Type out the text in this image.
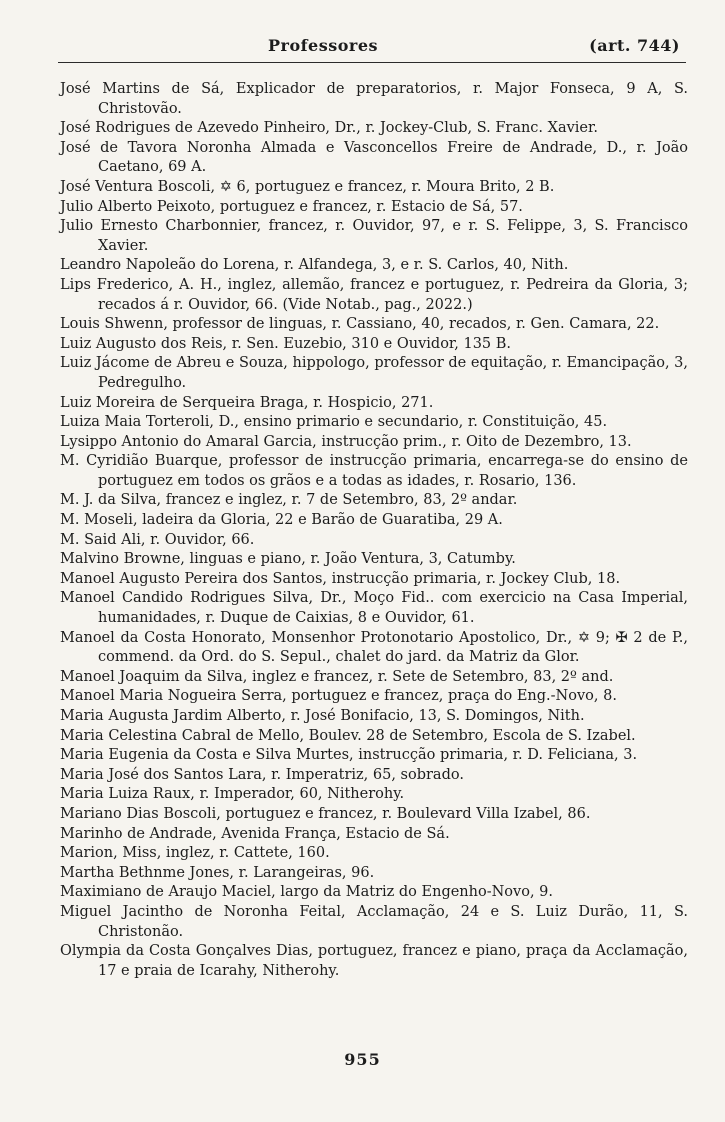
Professores	(art. 744)

José Martins de Sá, Explicador de preparatorios, r. Major Fonseca, 9 A, S. Christovão.

José Rodrigues de Azevedo Pinheiro, Dr., r. Jockey-Club, S. Franc. Xavier.

José de Tavora Noronha Almada e Vasconcellos Freire de Andrade, D., r. João Caetano, 69 A.

José Ventura Boscoli, ✡ 6, portuguez e francez, r. Moura Brito, 2 B.

Julio Alberto Peixoto, portuguez e francez, r. Estacio de Sá, 57.

Julio Ernesto Charbonnier, francez, r. Ouvidor, 97, e r. S. Felippe, 3, S. Francisco Xavier.

Leandro Napoleão do Lorena, r. Alfandega, 3, e r. S. Carlos, 40, Nith.

Lips Frederico, A. H., inglez, allemão, francez e portuguez, r. Pedreira da Gloria, 3; recados á r. Ouvidor, 66. (Vide Notab., pag., 2022.)

Louis Shwenn, professor de linguas, r. Cassiano, 40, recados, r. Gen. Camara, 22.

Luiz Augusto dos Reis, r. Sen. Euzebio, 310 e Ouvidor, 135 B.

Luiz Jácome de Abreu e Souza, hippologo, professor de equitação, r. Emancipação, 3, Pedregulho.

Luiz Moreira de Serqueira Braga, r. Hospicio, 271.

Luiza Maia Torteroli, D., ensino primario e secundario, r. Constituição, 45.

Lysippo Antonio do Amaral Garcia, instrucção prim., r. Oito de Dezembro, 13.

M. Cyridião Buarque, professor de instrucção primaria, encarrega-se do ensino de portuguez em todos os grãos e a todas as idades, r. Rosario, 136.

M. J. da Silva, francez e inglez, r. 7 de Setembro, 83, 2º andar.

M. Moseli, ladeira da Gloria, 22 e Barão de Guaratiba, 29 A.

M. Said Ali, r. Ouvidor, 66.

Malvino Browne, linguas e piano, r. João Ventura, 3, Catumby.

Manoel Augusto Pereira dos Santos, instrucção primaria, r. Jockey Club, 18.

Manoel Candido Rodrigues Silva, Dr., Moço Fid.. com exercicio na Casa Imperial, humanidades, r. Duque de Caixias, 8 e Ouvidor, 61.

Manoel da Costa Honorato, Monsenhor Protonotario Apostolico, Dr., ✡ 9; ✠ 2 de P., commend. da Ord. do S. Sepul., chalet do jard. da Matriz da Glor.

Manoel Joaquim da Silva, inglez e francez, r. Sete de Setembro, 83, 2º and.

Manoel Maria Nogueira Serra, portuguez e francez, praça do Eng.-Novo, 8.

Maria Augusta Jardim Alberto, r. José Bonifacio, 13, S. Domingos, Nith.

Maria Celestina Cabral de Mello, Boulev. 28 de Setembro, Escola de S. Izabel.

Maria Eugenia da Costa e Silva Murtes, instrucção primaria, r. D. Feliciana, 3.

Maria José dos Santos Lara, r. Imperatriz, 65, sobrado.

Maria Luiza Raux, r. Imperador, 60, Nitherohy.

Mariano Dias Boscoli, portuguez e francez, r. Boulevard Villa Izabel, 86.

Marinho de Andrade, Avenida França, Estacio de Sá.

Marion, Miss, inglez, r. Cattete, 160.

Martha Bethnme Jones, r. Larangeiras, 96.

Maximiano de Araujo Maciel, largo da Matriz do Engenho-Novo, 9.

Miguel Jacintho de Noronha Feital, Acclamação, 24 e S. Luiz Durão, 11, S. Christonão.

Olympia da Costa Gonçalves Dias, portuguez, francez e piano, praça da Acclamação, 17 e praia de Icarahy, Nitherohy.

955
